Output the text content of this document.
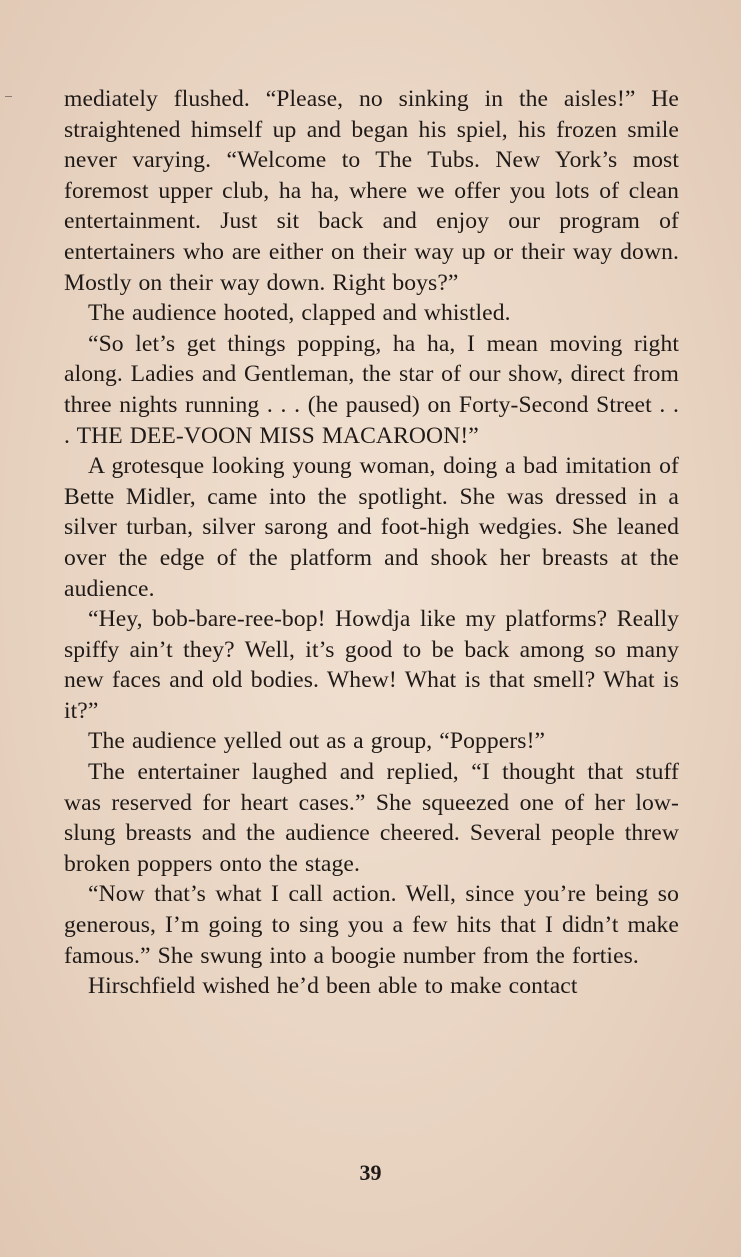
mediately flushed. “Please, no sinking in the aisles!” He straightened himself up and began his spiel, his frozen smile never varying. “Welcome to The Tubs. New York’s most foremost upper club, ha ha, where we offer you lots of clean entertainment. Just sit back and enjoy our program of entertainers who are either on their way up or their way down. Mostly on their way down. Right boys?”

The audience hooted, clapped and whistled.

“So let’s get things popping, ha ha, I mean moving right along. Ladies and Gentleman, the star of our show, direct from three nights running . . . (he paused) on Forty-Second Street . . . THE DEE-VOON MISS MACAROON!”

A grotesque looking young woman, doing a bad imitation of Bette Midler, came into the spotlight. She was dressed in a silver turban, silver sarong and foot-high wedgies. She leaned over the edge of the platform and shook her breasts at the audience.

“Hey, bob-bare-ree-bop! Howdja like my platforms? Really spiffy ain’t they? Well, it’s good to be back among so many new faces and old bodies. Whew! What is that smell? What is it?”

The audience yelled out as a group, “Poppers!”

The entertainer laughed and replied, “I thought that stuff was reserved for heart cases.” She squeezed one of her low-slung breasts and the audience cheered. Several people threw broken poppers onto the stage.

“Now that’s what I call action. Well, since you’re being so generous, I’m going to sing you a few hits that I didn’t make famous.” She swung into a boogie number from the forties.

Hirschfield wished he’d been able to make contact

39
